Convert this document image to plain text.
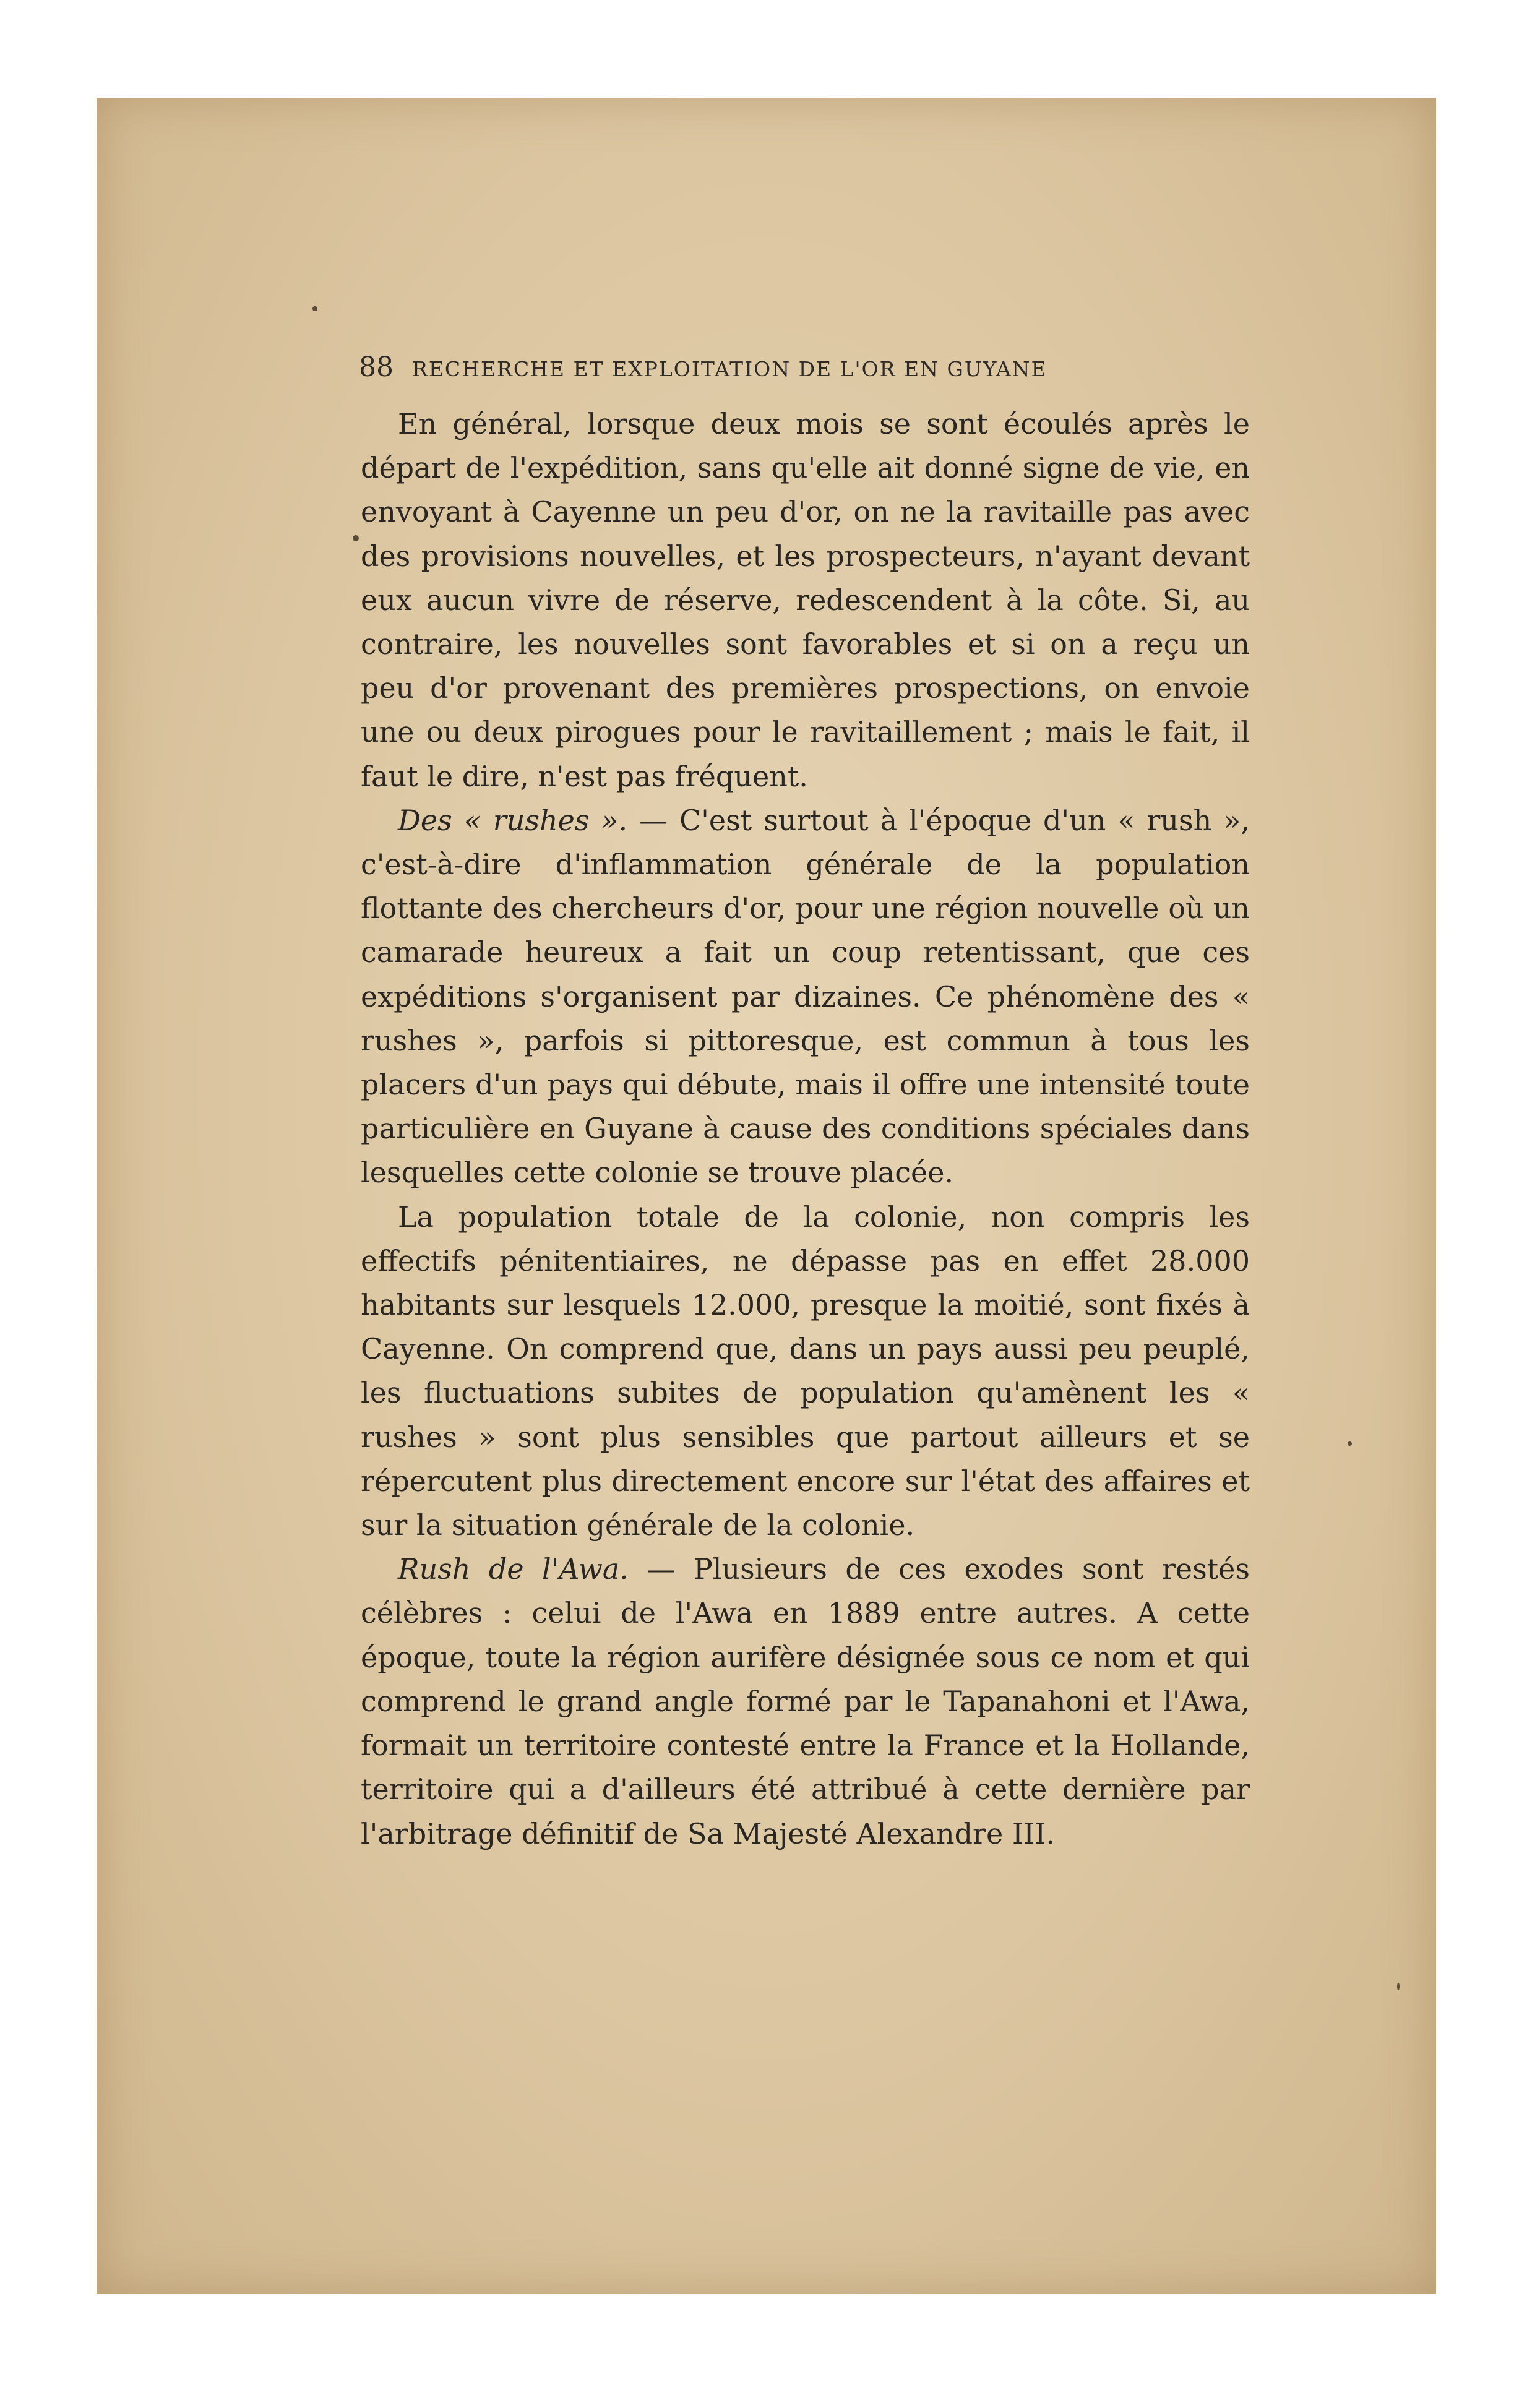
88 RECHERCHE ET EXPLOITATION DE L'OR EN GUYANE

En général, lorsque deux mois se sont écoulés après le départ de l'expédition, sans qu'elle ait donné signe de vie, en envoyant à Cayenne un peu d'or, on ne la ravitaille pas avec des provisions nouvelles, et les prospecteurs, n'ayant devant eux aucun vivre de réserve, redescendent à la côte. Si, au contraire, les nouvelles sont favorables et si on a reçu un peu d'or provenant des premières prospections, on envoie une ou deux pirogues pour le ravitaillement ; mais le fait, il faut le dire, n'est pas fréquent.

Des « rushes ». — C'est surtout à l'époque d'un « rush », c'est-à-dire d'inflammation générale de la population flottante des chercheurs d'or, pour une région nouvelle où un camarade heureux a fait un coup retentissant, que ces expéditions s'organisent par dizaines. Ce phénomène des « rushes », parfois si pittoresque, est commun à tous les placers d'un pays qui débute, mais il offre une intensité toute particulière en Guyane à cause des conditions spéciales dans lesquelles cette colonie se trouve placée.

La population totale de la colonie, non compris les effectifs pénitentiaires, ne dépasse pas en effet 28.000 habitants sur lesquels 12.000, presque la moitié, sont fixés à Cayenne. On comprend que, dans un pays aussi peu peuplé, les fluctuations subites de population qu'amènent les « rushes » sont plus sensibles que partout ailleurs et se répercutent plus directement encore sur l'état des affaires et sur la situation générale de la colonie.

Rush de l'Awa. — Plusieurs de ces exodes sont restés célèbres : celui de l'Awa en 1889 entre autres. A cette époque, toute la région aurifère désignée sous ce nom et qui comprend le grand angle formé par le Tapanahoni et l'Awa, formait un territoire contesté entre la France et la Hollande, territoire qui a d'ailleurs été attribué à cette dernière par l'arbitrage définitif de Sa Majesté Alexandre III.
